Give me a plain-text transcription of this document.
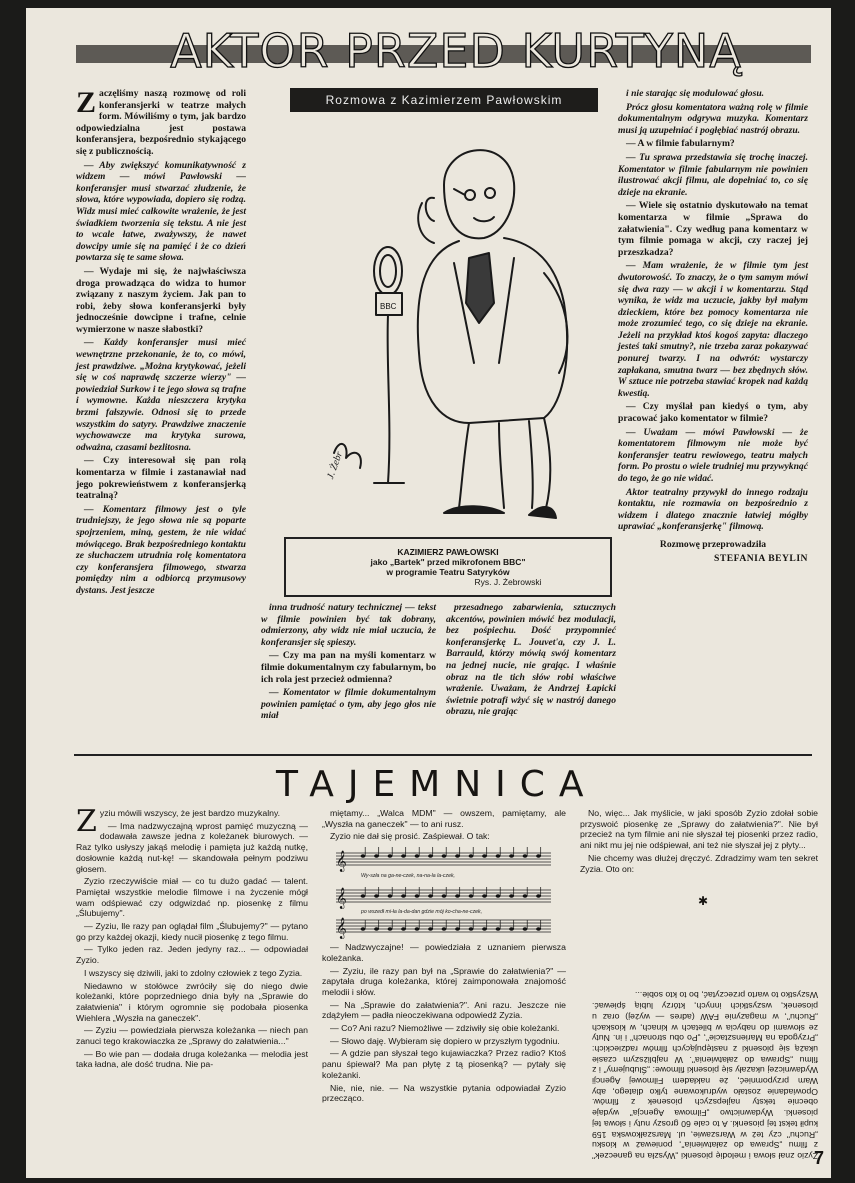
AKTOR PRZED KURTYNĄ
Rozmowa z Kazimierzem Pawłowskim

Zaczęliśmy naszą rozmowę od roli konferansjerki w teatrze małych form. Mówiliśmy o tym, jak bardzo odpowiedzialna jest postawa konferansjera, bezpośrednio stykającego się z publicznością.

— Aby zwiększyć komunikatywność z widzem — mówi Pawłowski — konferansjer musi stwarzać złudzenie, że słowa, które wypowiada, dopiero się rodzą. Widz musi mieć całkowite wrażenie, że jest świadkiem tworzenia się tekstu. A nie jest to wcale łatwe, zważywszy, że nawet dowcipy umie się na pamięć i że co dzień powtarza się te same słowa.

— Wydaje mi się, że najwłaściwsza droga prowadząca do widza to humor związany z naszym życiem. Jak pan to robi, żeby słowa konferansjerki były jednocześnie dowcipne i trafne, celnie wymierzone w nasze słabostki?

— Każdy konferansjer musi mieć wewnętrzne przekonanie, że to, co mówi, jest prawdziwe. „Można krytykować, jeżeli się w coś naprawdę szczerze wierzy" — powiedział Surkow i te jego słowa są trafne i wymowne. Każda nieszczera krytyka brzmi fałszywie. Odnosi się to przede wszystkim do satyry. Prawdziwe znaczenie wychowawcze ma krytyka surowa, odważna, czasami bezlitosna.

— Czy interesował się pan rolą komentarza w filmie i zastanawiał nad jego pokrewieństwem z konferansjerką teatralną?

— Komentarz filmowy jest o tyle trudniejszy, że jego słowa nie są poparte spojrzeniem, miną, gestem, że nie widać mówiącego. Brak bezpośredniego kontaktu ze słuchaczem utrudnia rolę komentatora czy konferansjera filmowego, stwarza pomiędzy nim a odbiorcą przymusowy dystans. Jest jeszcze

i nie starając się modulować głosu.

Prócz głosu komentatora ważną rolę w filmie dokumentalnym odgrywa muzyka. Komentarz musi ją uzupełniać i pogłębiać nastrój obrazu.

— A w filmie fabularnym?

— Tu sprawa przedstawia się trochę inaczej. Komentator w filmie fabularnym nie powinien ilustrować akcji filmu, ale dopełniać to, co się dzieje na ekranie.

— Wiele się ostatnio dyskutowało na temat komentarza w filmie „Sprawa do załatwienia". Czy według pana komentarz w tym filmie pomaga w akcji, czy raczej jej przeszkadza?

— Mam wrażenie, że w filmie tym jest dwutorowość. To znaczy, że o tym samym mówi się dwa razy — w akcji i w komentarzu. Stąd wynika, że widz ma uczucie, jakby był małym dzieckiem, które bez pomocy komentarza nie może zrozumieć tego, co się dzieje na ekranie. Jeżeli na przykład ktoś kogoś zapyta: dlaczego jesteś taki smutny?, nie trzeba zaraz pokazywać ponurej twarzy. I na odwrót: wystarczy zapłakana, smutna twarz — bez zbędnych słów. W sztuce nie potrzeba stawiać kropek nad każdą kwestią.

— Czy myślał pan kiedyś o tym, aby pracować jako komentator w filmie?

— Uważam — mówi Pawłowski — że komentatorem filmowym nie może być konferansjer teatru rewiowego, teatru małych form. Po prostu o wiele trudniej mu przywyknąć do tego, że go nie widać.

Aktor teatralny przywykł do innego rodzaju kontaktu, nie rozmawia on bezpośrednio z widzem i dlatego znacznie łatwiej mógłby uprawiać „konferansjerkę" filmową.

Rozmowę przeprowadziła

STEFANIA BEYLIN

BBC
J. Żebr
KAZIMIERZ PAWŁOWSKI
jako „Bartek" przed mikrofonem BBC"
w programie Teatru Satyryków
Rys. J. Żebrowski

inna trudność natury technicznej — tekst w filmie powinien być tak dobrany, odmierzony, aby widz nie miał uczucia, że konferansjer się spieszy.

— Czy ma pan na myśli komentarz w filmie dokumentalnym czy fabularnym, bo ich rola jest przecież odmienna?

— Komentator w filmie dokumentalnym powinien pamiętać o tym, aby jego głos nie miał

przesadnego zabarwienia, sztucznych akcentów, powinien mówić bez modulacji, bez pośpiechu. Dość przypomnieć konferansjerkę L. Jouvet'a, czy J. L. Barrauld, którzy mówią swój komentarz na jednej nucie, nie grając. I właśnie obraz na tle tich słów robi właściwe wrażenie. Uważam, że Andrzej Łapicki świetnie potrafi wżyć się w nastrój danego obrazu, nie grając

TAJEMNICA

Zyziu mówili wszyscy, że jest bardzo muzykalny.

— Ima nadzwyczajną wprost pamięć muzyczną — dodawała zawsze jedna z koleżanek biurowych. — Raz tylko usłyszy jakąś melodię i pamięta już każdą nutkę, dosłownie każdą nut-kę! — skandowała pełnym podziwu głosem.

Zyzio rzeczywiście miał — co tu dużo gadać — talent. Pamiętał wszystkie melodie filmowe i na życzenie mógł wam odśpiewać czy odgwizdać np. piosenkę z filmu „Ślubujemy".

— Zyziu, lle razy pan oglądał film „Ślubujemy?" — pytano go przy każdej okazji, kiedy nucił piosenkę z tego filmu.

— Tylko jeden raz. Jeden jedyny raz... — odpowiadał Zyzio.

I wszyscy się dziwili, jaki to zdolny człowiek z tego Zyzia.

Niedawno w stołówce zwróciły się do niego dwie koleżanki, które poprzedniego dnia były na „Sprawie do załatwienia" i którym ogromnie się podobała piosenka Wiehlera „Wyszła na ganeczek".

— Zyziu — powiedziała pierwsza koleżanka — niech pan zanuci tego krakowiaczka ze „Sprawy do załatwienia..."

— Bo wie pan — dodała druga koleżanka — melodia jest taka ładna, ale dość trudna. Nie pa-

miętamy... „Walca MDM" — owszem, pamiętamy, ale „Wyszła na ganeczek" — to ani rusz.

Zyzio nie dał się prosić. Zaśpiewał. O tak:

— Nadzwyczajne! — powiedziała z uznaniem pierwsza koleżanka.

— Zyziu, ile razy pan był na „Sprawie do załatwienia?" — zapytała druga koleżanka, której zaimponowała znajomość melodii i słów.

— Na „Sprawie do załatwienia?". Ani razu. Jeszcze nie zdążyłem — padła nieoczekiwana odpowiedź Zyzia.

— Co? Ani razu? Niemożliwe — zdziwiły się obie koleżanki.

— Słowo daję. Wybieram się dopiero w przyszłym tygodniu.

— A gdzie pan słyszał tego kujawiaczka? Przez radio? Ktoś panu śpiewał? Ma pan płytę z tą piosenką? — pytały się koleżanki.

Nie, nie, nie. — Na wszystkie pytania odpowiadał Zyzio przecząco.

No, więc... Jak myślicie, w jaki sposób Zyzio zdołał sobie przyswoić piosenkę ze „Sprawy do załatwienia?". Nie był przecież na tym filmie ani nie słyszał tej piosenki przez radio, ani nikt mu jej nie odśpiewał, ani też nie słyszał jej z płyty...

Nie chcemy was dłużej dręczyć. Zdradzimy wam ten sekret Zyzia. Oto on:

✱
𝄞
𝄞
𝄞
Wy-szła na ga-ne-czek, na-na-la la-czek,
po wszedł mi-ła la-da-dan gdzie mój ko-cha-ne-czek,
Zyzio znał słowa i melodię piosenki „Wyszła na ganeczek" z filmu „Sprawa do załatwienia", ponieważ w kiosku „Ruchu" czy też w Warszawie, ul. Marszałkowska 159 kupił tekst tej piosenki. A to cale 60 groszy nuty i słowa tej piosenki. Wydawnictwo „Filmowa Agencja" wydaje obecnie teksty najlepszych piosenek z filmów. Opowiadanie zostało wydrukowane tylko dlatego, aby Wam przypomnieć, że nakładem Filmowej Agencji Wydawniczej ukazały się piosenki filmowe: „Ślubujemy" i z filmu „Sprawa do załatwienia". W najbliższym czasie ukażą się piosenki z następujących filmów radzieckich: „Przygoda na Mariensztacie", „Po obu stronach" i in. Nuty ze słowami do nabycia w biletach w kinach, w kioskach „Ruchu", w magazynie FAW (adres — wyżej) oraz u piosenek, wszystkich innych, którzy lubią śpiewać. Wszystko to warto przeczytać, bo to kto sobie...
7
